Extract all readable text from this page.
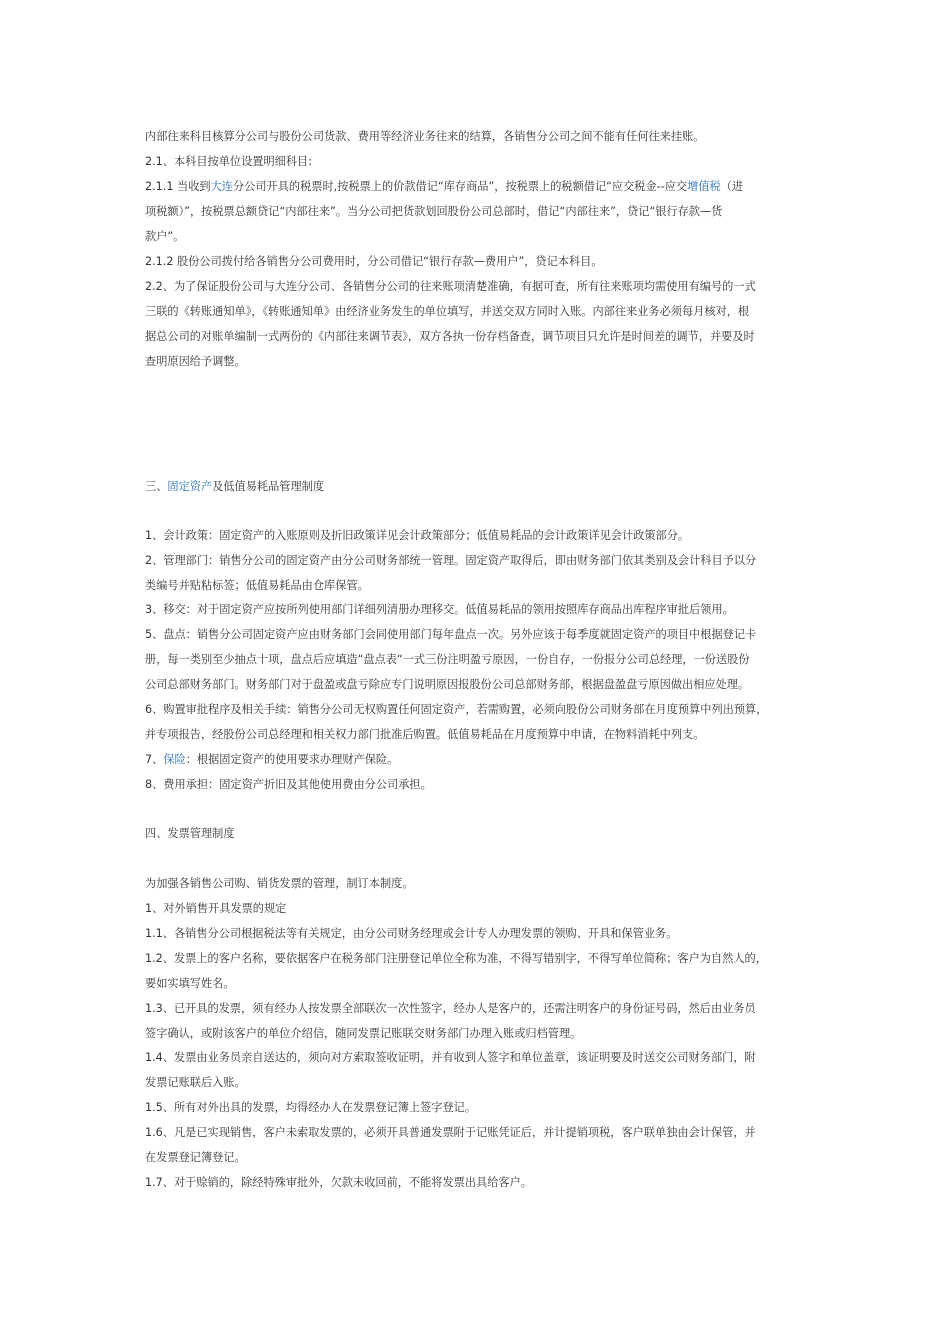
内部往来科目核算分公司与股份公司货款、费用等经济业务往来的结算，各销售分公司之间不能有任何往来挂账。
2.1、本科目按单位设置明细科目:
2.1.1 当收到大连分公司开具的税票时,按税票上的价款借记“库存商品”，按税票上的税额借记“应交税金--应交增值税（进
项税额）”，按税票总额贷记“内部往来”。当分公司把货款划回股份公司总部时，借记“内部往来”，贷记“银行存款—货
款户”。
2.1.2 股份公司拨付给各销售分公司费用时，分公司借记“银行存款—费用户”，贷记本科目。
2.2、为了保证股份公司与大连分公司、各销售分公司的往来账项清楚准确，有据可查，所有往来账项均需使用有编号的一式
三联的《转账通知单》，《转账通知单》由经济业务发生的单位填写，并送交双方同时入账。内部往来业务必须每月核对，根
据总公司的对账单编制一式两份的《内部往来调节表》，双方各执一份存档备查，调节项目只允许是时间差的调节，并要及时
查明原因给予调整。
三、固定资产及低值易耗品管理制度
1、会计政策：固定资产的入账原则及折旧政策详见会计政策部分；低值易耗品的会计政策详见会计政策部分。
2、管理部门：销售分公司的固定资产由分公司财务部统一管理。固定资产取得后，即由财务部门依其类别及会计科目予以分
类编号并贴粘标签；低值易耗品由仓库保管。
3、移交：对于固定资产应按所列使用部门详细列清册办理移交。低值易耗品的领用按照库存商品出库程序审批后领用。
5、盘点：销售分公司固定资产应由财务部门会同使用部门每年盘点一次。另外应该于每季度就固定资产的项目中根据登记卡
册，每一类别至少抽点十项，盘点后应填造“盘点表“一式三份注明盈亏原因，一份自存，一份报分公司总经理，一份送股份
公司总部财务部门。财务部门对于盘盈或盘亏除应专门说明原因报股份公司总部财务部，根据盘盈盘亏原因做出相应处理。
6、购置审批程序及相关手续：销售分公司无权购置任何固定资产，若需购置，必须向股份公司财务部在月度预算中列出预算，
并专项报告，经股份公司总经理和相关权力部门批准后购置。低值易耗品在月度预算中申请，在物料消耗中列支。
7、保险：根据固定资产的使用要求办理财产保险。
8、费用承担：固定资产折旧及其他使用费由分公司承担。
四、发票管理制度
为加强各销售公司购、销货发票的管理，制订本制度。
1、对外销售开具发票的规定
1.1、各销售分公司根据税法等有关规定，由分公司财务经理或会计专人办理发票的领购、开具和保管业务。
1.2、发票上的客户名称，要依据客户在税务部门注册登记单位全称为准，不得写错别字，不得写单位简称；客户为自然人的，
要如实填写姓名。
1.3、已开具的发票，须有经办人按发票全部联次一次性签字，经办人是客户的，还需注明客户的身份证号码，然后由业务员
签字确认，或附该客户的单位介绍信，随同发票记账联交财务部门办理入账或归档管理。
1.4、发票由业务员亲自送达的，须向对方索取签收证明，并有收到人签字和单位盖章，该证明要及时送交公司财务部门，附
发票记账联后入账。
1.5、所有对外出具的发票，均得经办人在发票登记簿上签字登记。
1.6、凡是已实现销售，客户未索取发票的，必须开具普通发票附于记账凭证后，并计提销项税，客户联单独由会计保管，并
在发票登记簿登记。
1.7、对于赊销的，除经特殊审批外，欠款未收回前，不能将发票出具给客户。
